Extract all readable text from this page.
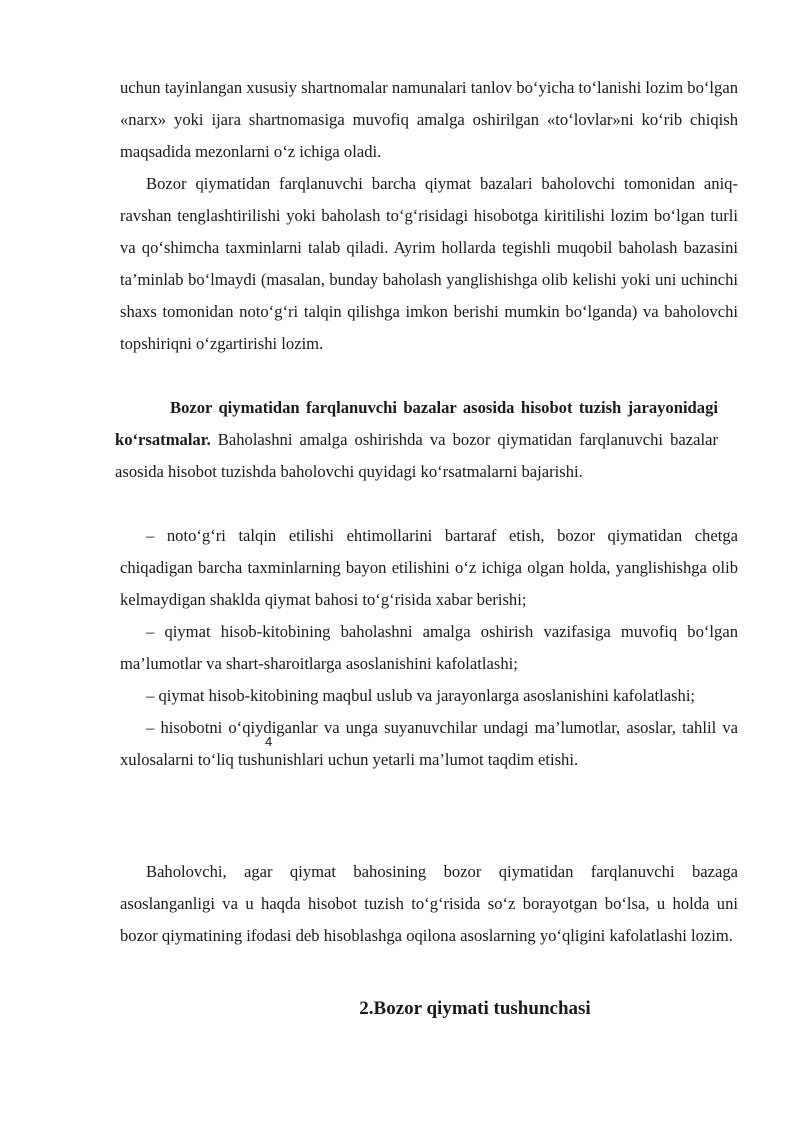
uchun tayinlangan xususiy shartnomalar namunalari tanlov bo‘yicha to‘lanishi lozim bo‘lgan «narx» yoki ijara shartnomasiga muvofiq amalga oshirilgan «to‘lovlar»ni ko‘rib chiqish maqsadida mezonlarni o‘z ichiga oladi.

Bozor qiymatidan farqlanuvchi barcha qiymat bazalari baholovchi tomonidan aniq-ravshan tenglashtirilishi yoki baholash to‘g‘risidagi hisobotga kiritilishi lozim bo‘lgan turli va qo‘shimcha taxminlarni talab qiladi. Ayrim hollarda tegishli muqobil baholash bazasini ta’minlab bo‘lmaydi (masalan, bunday baholash yanglishishga olib kelishi yoki uni uchinchi shaxs tomonidan noto‘g‘ri talqin qilishga imkon berishi mumkin bo‘lganda) va baholovchi topshiriqni o‘zgartirishi lozim.

Bozor qiymatidan farqlanuvchi bazalar asosida hisobot tuzish jarayonidagi ko‘rsatmalar. Baholashni amalga oshirishda va bozor qiymatidan farqlanuvchi bazalar asosida hisobot tuzishda baholovchi quyidagi ko‘rsatmalarni bajarishi.

– noto‘g‘ri talqin etilishi ehtimollarini bartaraf etish, bozor qiymatidan chetga chiqadigan barcha taxminlarning bayon etilishini o‘z ichiga olgan holda, yanglishishga olib kelmaydigan shaklda qiymat bahosi to‘g‘risida xabar berishi;

– qiymat hisob-kitobining baholashni amalga oshirish vazifasiga muvofiq bo‘lgan ma’lumotlar va shart-sharoitlarga asoslanishini kafolatlashi;

– qiymat hisob-kitobining maqbul uslub va jarayonlarga asoslanishini kafolatlashi;

– hisobotni o‘qiydiganlar va unga suyanuvchilar undagi ma’lumotlar, asoslar, tahlil va xulosalarni to‘liq tushunishlari uchun yetarli ma’lumot taqdim etishi.

4

Baholovchi, agar qiymat bahosining bozor qiymatidan farqlanuvchi bazaga asoslanganligi va u haqda hisobot tuzish to‘g‘risida so‘z borayotgan bo‘lsa, u holda uni bozor qiymatining ifodasi deb hisoblashga oqilona asoslarning yo‘qligini kafolatlashi lozim.

2.Bozor qiymati tushunchasi
